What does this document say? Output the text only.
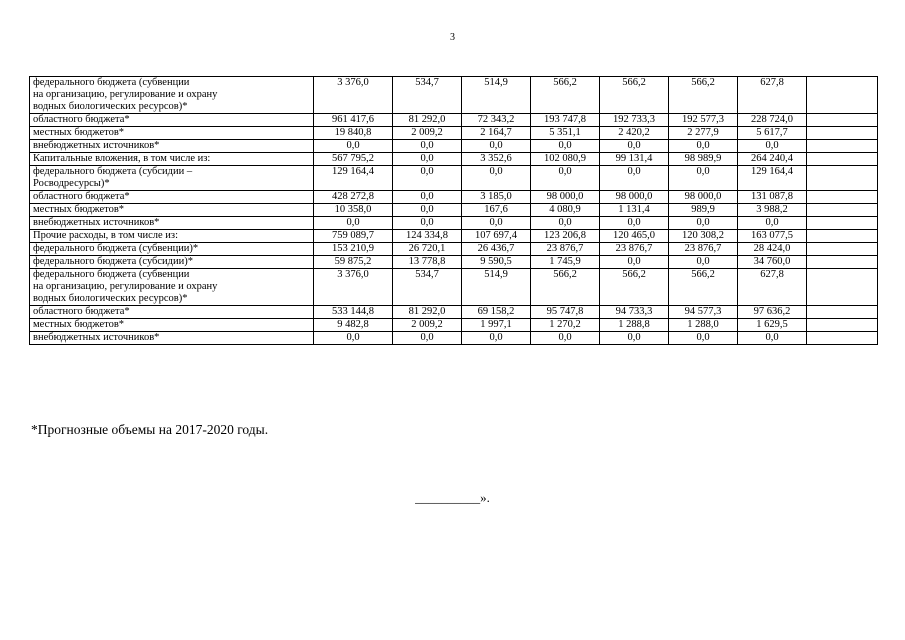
3
федерального бюджета (субвенции
на организацию, регулирование и охрану
водных биологических ресурсов)*	3 376,0	534,7	514,9	566,2	566,2	566,2	627,8	

областного бюджета*	961 417,6	81 292,0	72 343,2	193 747,8	192 733,3	192 577,3	228 724,0	

местных бюджетов*	19 840,8	2 009,2	2 164,7	5 351,1	2 420,2	2 277,9	5 617,7	

внебюджетных источников*	0,0	0,0	0,0	0,0	0,0	0,0	0,0	

Капитальные вложения, в том числе из:	567 795,2	0,0	3 352,6	102 080,9	99 131,4	98 989,9	264 240,4	

федерального бюджета (субсидии –
Росводресурсы)*	129 164,4	0,0	0,0	0,0	0,0	0,0	129 164,4	

областного бюджета*	428 272,8	0,0	3 185,0	98 000,0	98 000,0	98 000,0	131 087,8	

местных бюджетов*	10 358,0	0,0	167,6	4 080,9	1 131,4	989,9	3 988,2	

внебюджетных источников*	0,0	0,0	0,0	0,0	0,0	0,0	0,0	

Прочие расходы, в том числе из:	759 089,7	124 334,8	107 697,4	123 206,8	120 465,0	120 308,2	163 077,5	

федерального бюджета (субвенции)*	153 210,9	26 720,1	26 436,7	23 876,7	23 876,7	23 876,7	28 424,0	

федерального бюджета (субсидии)*	59 875,2	13 778,8	9 590,5	1 745,9	0,0	0,0	34 760,0	

федерального бюджета (субвенции
на организацию, регулирование и охрану
водных биологических ресурсов)*	3 376,0	534,7	514,9	566,2	566,2	566,2	627,8	

областного бюджета*	533 144,8	81 292,0	69 158,2	95 747,8	94 733,3	94 577,3	97 636,2	

местных бюджетов*	9 482,8	2 009,2	1 997,1	1 270,2	1 288,8	1 288,0	1 629,5	

внебюджетных источников*	0,0	0,0	0,0	0,0	0,0	0,0	0,0	
*Прогнозные объемы на 2017-2020 годы.
__________».
